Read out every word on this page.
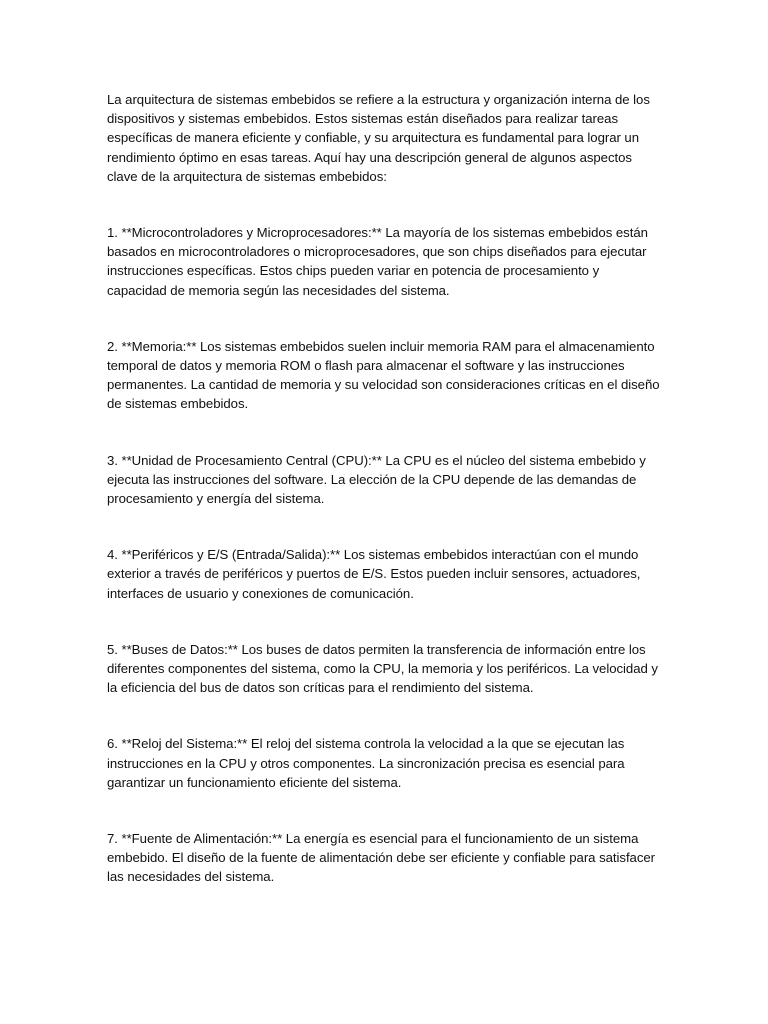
La arquitectura de sistemas embebidos se refiere a la estructura y organización interna de los dispositivos y sistemas embebidos. Estos sistemas están diseñados para realizar tareas específicas de manera eficiente y confiable, y su arquitectura es fundamental para lograr un rendimiento óptimo en esas tareas. Aquí hay una descripción general de algunos aspectos clave de la arquitectura de sistemas embebidos:

1. **Microcontroladores y Microprocesadores:** La mayoría de los sistemas embebidos están basados en microcontroladores o microprocesadores, que son chips diseñados para ejecutar instrucciones específicas. Estos chips pueden variar en potencia de procesamiento y capacidad de memoria según las necesidades del sistema.

2. **Memoria:** Los sistemas embebidos suelen incluir memoria RAM para el almacenamiento temporal de datos y memoria ROM o flash para almacenar el software y las instrucciones permanentes. La cantidad de memoria y su velocidad son consideraciones críticas en el diseño de sistemas embebidos.

3. **Unidad de Procesamiento Central (CPU):** La CPU es el núcleo del sistema embebido y ejecuta las instrucciones del software. La elección de la CPU depende de las demandas de procesamiento y energía del sistema.

4. **Periféricos y E/S (Entrada/Salida):** Los sistemas embebidos interactúan con el mundo exterior a través de periféricos y puertos de E/S. Estos pueden incluir sensores, actuadores, interfaces de usuario y conexiones de comunicación.

5. **Buses de Datos:** Los buses de datos permiten la transferencia de información entre los diferentes componentes del sistema, como la CPU, la memoria y los periféricos. La velocidad y la eficiencia del bus de datos son críticas para el rendimiento del sistema.

6. **Reloj del Sistema:** El reloj del sistema controla la velocidad a la que se ejecutan las instrucciones en la CPU y otros componentes. La sincronización precisa es esencial para garantizar un funcionamiento eficiente del sistema.

7. **Fuente de Alimentación:** La energía es esencial para el funcionamiento de un sistema embebido. El diseño de la fuente de alimentación debe ser eficiente y confiable para satisfacer las necesidades del sistema.
